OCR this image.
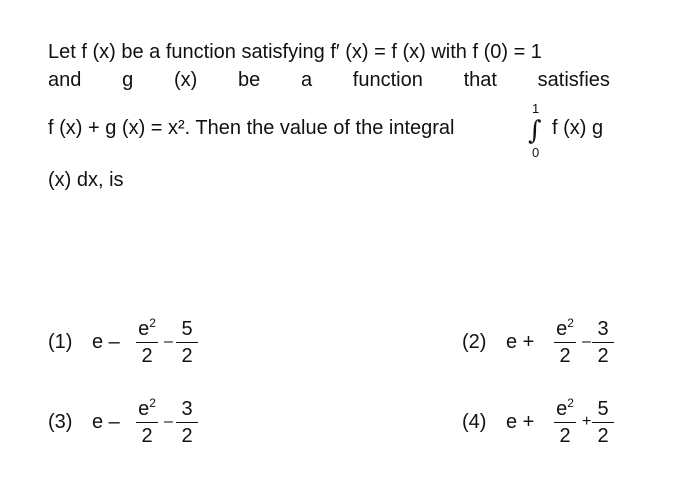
Let f (x) be a function satisfying f′ (x) = f (x) with f (0) = 1
and g (x) be a function that satisfies
f (x) + g (x) = x². Then the value of the integral
1
∫
0
f (x) g
(x) dx, is
(1) e –
$e^2$
2
–
5
2
(2) e +
$e^2$
2
–
3
2
(3) e –
$e^2$
2
–
3
2
(4) e +
$e^2$
2
+
5
2
